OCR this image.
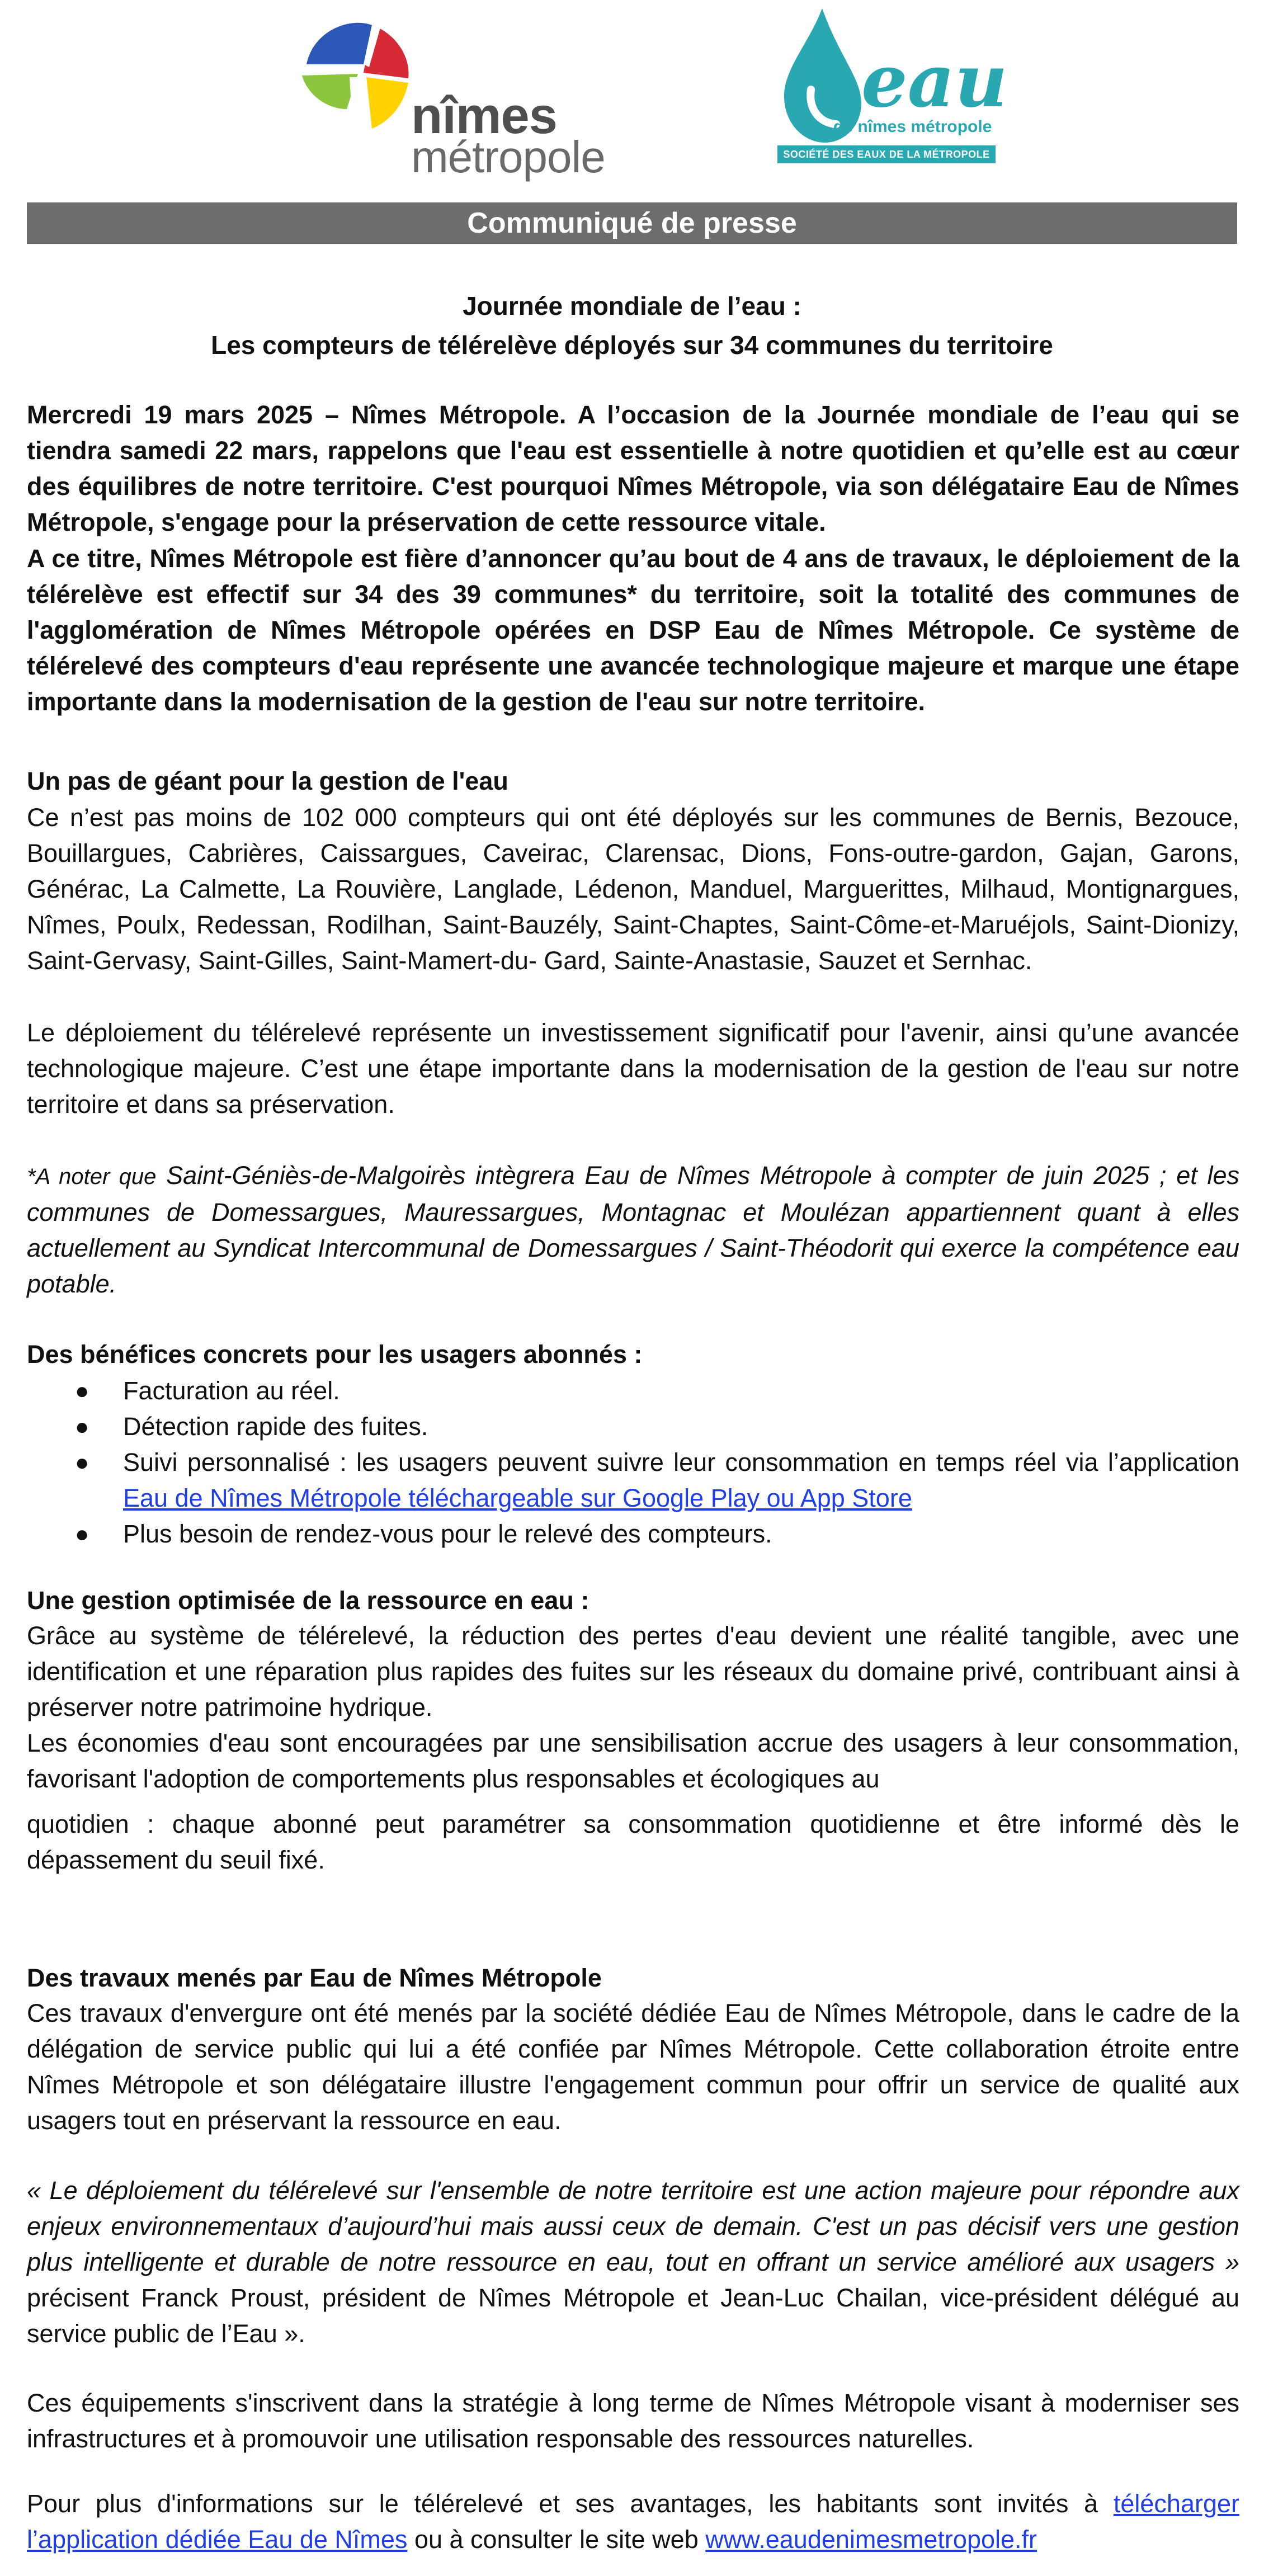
nîmes
métropole
eau
de nîmes métropole
SOCIÉTÉ DES EAUX DE LA MÉTROPOLE NÎMOISE
Communiqué de presse
Journée mondiale de l’eau :
Les compteurs de télérelève déployés sur 34 communes du territoire
Mercredi 19 mars 2025 – Nîmes Métropole. A l’occasion de la Journée mondiale de l’eau qui se tiendra samedi 22 mars, rappelons que l'eau est essentielle à notre quotidien et qu’elle est au cœur des équilibres de notre territoire. C'est pourquoi Nîmes Métropole, via son délégataire Eau de Nîmes Métropole, s'engage pour la préservation de cette ressource vitale.
A ce titre, Nîmes Métropole est fière d’annoncer qu’au bout de 4 ans de travaux, le déploiement de la télérelève est effectif sur 34 des 39 communes* du territoire, soit la totalité des communes de l'agglomération de Nîmes Métropole opérées en DSP Eau de Nîmes Métropole. Ce système de télérelevé des compteurs d'eau représente une avancée technologique majeure et marque une étape importante dans la modernisation de la gestion de l'eau sur notre territoire.
Un pas de géant pour la gestion de l'eau
Ce n’est pas moins de 102 000 compteurs qui ont été déployés sur les communes de Bernis, Bezouce, Bouillargues, Cabrières, Caissargues, Caveirac, Clarensac, Dions, Fons-outre-gardon, Gajan, Garons, Générac, La Calmette, La Rouvière, Langlade, Lédenon, Manduel, Marguerittes, Milhaud, Montignargues, Nîmes, Poulx, Redessan, Rodilhan, Saint-Bauzély, Saint-Chaptes, Saint-Côme-et-Maruéjols, Saint-Dionizy, Saint-Gervasy, Saint-Gilles, Saint-Mamert-du- Gard, Sainte-Anastasie, Sauzet et Sernhac.
Le déploiement du télérelevé représente un investissement significatif pour l'avenir, ainsi qu’une avancée technologique majeure. C’est une étape importante dans la modernisation de la gestion de l'eau sur notre territoire et dans sa préservation.
*A noter que Saint-Géniès-de-Malgoirès intègrera Eau de Nîmes Métropole à compter de juin 2025 ; et les communes de Domessargues, Mauressargues, Montagnac et Moulézan appartiennent quant à elles actuellement au Syndicat Intercommunal de Domessargues / Saint-Théodorit qui exerce la compétence eau potable.
Des bénéfices concrets pour les usagers abonnés :
● Facturation au réel.
● Détection rapide des fuites.
● Suivi personnalisé : les usagers peuvent suivre leur consommation en temps réel via l’application Eau de Nîmes Métropole téléchargeable sur Google Play ou App Store
● Plus besoin de rendez-vous pour le relevé des compteurs.
Une gestion optimisée de la ressource en eau :
Grâce au système de télérelevé, la réduction des pertes d'eau devient une réalité tangible, avec une identification et une réparation plus rapides des fuites sur les réseaux du domaine privé, contribuant ainsi à préserver notre patrimoine hydrique.
Les économies d'eau sont encouragées par une sensibilisation accrue des usagers à leur consommation, favorisant l'adoption de comportements plus responsables et écologiques au
quotidien : chaque abonné peut paramétrer sa consommation quotidienne et être informé dès le dépassement du seuil fixé.
Des travaux menés par Eau de Nîmes Métropole
Ces travaux d'envergure ont été menés par la société dédiée Eau de Nîmes Métropole, dans le cadre de la délégation de service public qui lui a été confiée par Nîmes Métropole. Cette collaboration étroite entre Nîmes Métropole et son délégataire illustre l'engagement commun pour offrir un service de qualité aux usagers tout en préservant la ressource en eau.
« Le déploiement du télérelevé sur l'ensemble de notre territoire est une action majeure pour répondre aux enjeux environnementaux d’aujourd’hui mais aussi ceux de demain. C'est un pas décisif vers une gestion plus intelligente et durable de notre ressource en eau, tout en offrant un service amélioré aux usagers » précisent Franck Proust, président de Nîmes Métropole et Jean-Luc Chailan, vice-président délégué au service public de l’Eau ».
Ces équipements s'inscrivent dans la stratégie à long terme de Nîmes Métropole visant à moderniser ses infrastructures et à promouvoir une utilisation responsable des ressources naturelles.
Pour plus d'informations sur le télérelevé et ses avantages, les habitants sont invités à télécharger l’application dédiée Eau de Nîmes ou à consulter le site web www.eaudenimesmetropole.fr
